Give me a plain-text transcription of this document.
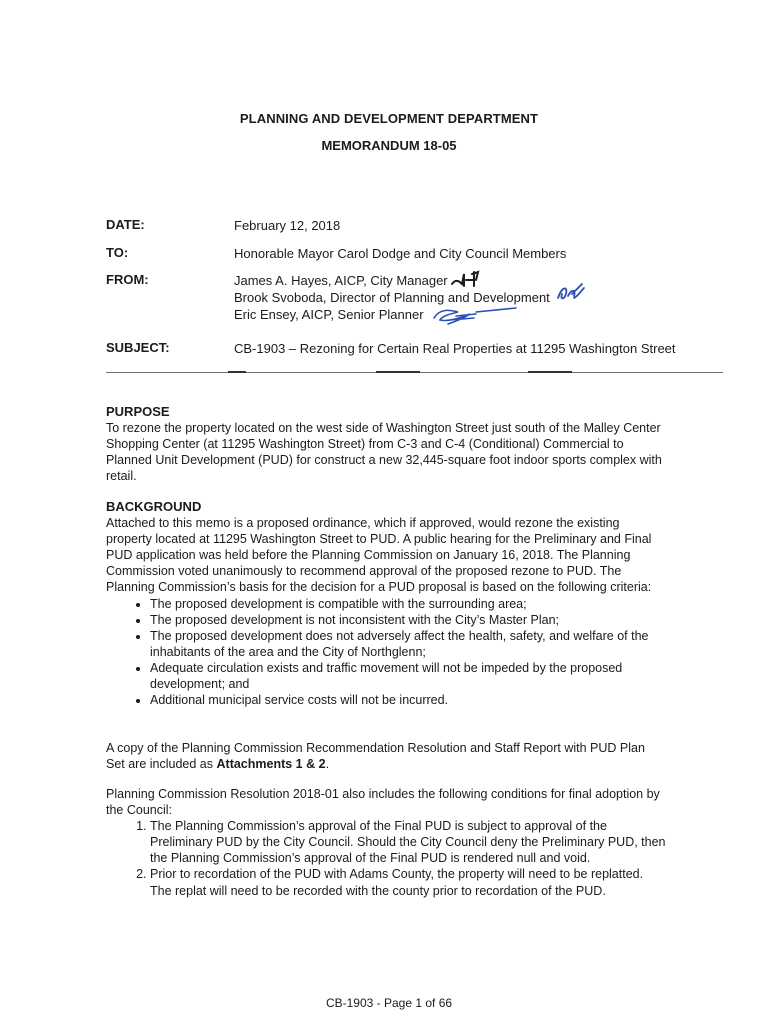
PLANNING AND DEVELOPMENT DEPARTMENT
MEMORANDUM 18-05
DATE:	February 12, 2018
TO:	Honorable Mayor Carol Dodge and City Council Members
FROM:	James A. Hayes, AICP, City Manager
Brook Svoboda, Director of Planning and Development
Eric Ensey, AICP, Senior Planner
SUBJECT:	CB-1903 – Rezoning for Certain Real Properties at 11295 Washington Street
PURPOSE
To rezone the property located on the west side of Washington Street just south of the Malley Center Shopping Center (at 11295 Washington Street) from C-3 and C-4 (Conditional) Commercial to Planned Unit Development (PUD) for construct a new 32,445-square foot indoor sports complex with retail.
BACKGROUND
Attached to this memo is a proposed ordinance, which if approved, would rezone the existing property located at 11295 Washington Street to PUD. A public hearing for the Preliminary and Final PUD application was held before the Planning Commission on January 16, 2018. The Planning Commission voted unanimously to recommend approval of the proposed rezone to PUD. The Planning Commission’s basis for the decision for a PUD proposal is based on the following criteria:
• The proposed development is compatible with the surrounding area;
• The proposed development is not inconsistent with the City’s Master Plan;
• The proposed development does not adversely affect the health, safety, and welfare of the inhabitants of the area and the City of Northglenn;
• Adequate circulation exists and traffic movement will not be impeded by the proposed development; and
• Additional municipal service costs will not be incurred.
A copy of the Planning Commission Recommendation Resolution and Staff Report with PUD Plan Set are included as Attachments 1 & 2.
Planning Commission Resolution 2018-01 also includes the following conditions for final adoption by the Council:
1. The Planning Commission’s approval of the Final PUD is subject to approval of the Preliminary PUD by the City Council. Should the City Council deny the Preliminary PUD, then the Planning Commission’s approval of the Final PUD is rendered null and void.
2. Prior to recordation of the PUD with Adams County, the property will need to be replatted. The replat will need to be recorded with the county prior to recordation of the PUD.
CB-1903 - Page 1 of 66
